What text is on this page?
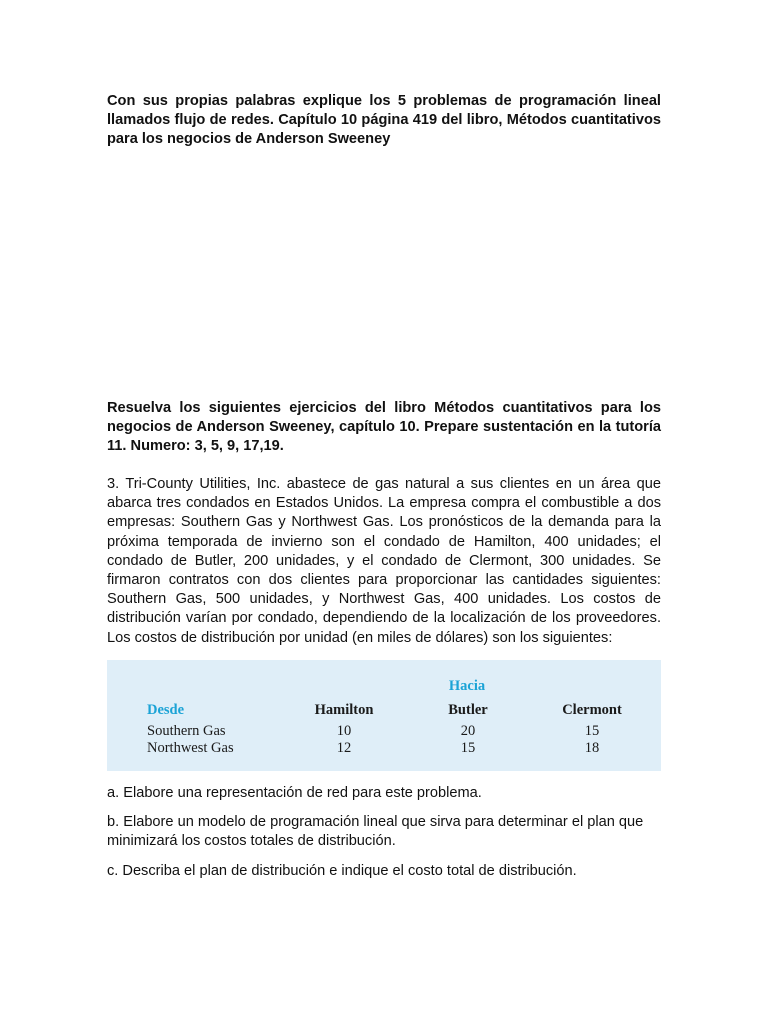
Con sus propias palabras explique los 5 problemas de programación lineal llamados flujo de redes. Capítulo 10 página 419 del libro, Métodos cuantitativos para los negocios de Anderson Sweeney

Resuelva los siguientes ejercicios del libro Métodos cuantitativos para los negocios de Anderson Sweeney, capítulo 10. Prepare sustentación en la tutoría 11. Numero: 3, 5, 9, 17,19.

3. Tri-County Utilities, Inc. abastece de gas natural a sus clientes en un área que abarca tres condados en Estados Unidos. La empresa compra el combustible a dos empresas: Southern Gas y Northwest Gas. Los pronósticos de la demanda para la próxima temporada de invierno son el condado de Hamilton, 400 unidades; el condado de Butler, 200 unidades, y el condado de Clermont, 300 unidades. Se firmaron contratos con dos clientes para proporcionar las cantidades siguientes: Southern Gas, 500 unidades, y Northwest Gas, 400 unidades. Los costos de distribución varían por condado, dependiendo de la localización de los proveedores. Los costos de distribución por unidad (en miles de dólares) son los siguientes:

Hacia
Desde	Hamilton	Butler	Clermont
Southern Gas	10	20	15
Northwest Gas	12	15	18

a. Elabore una representación de red para este problema.

b. Elabore un modelo de programación lineal que sirva para determinar el plan que minimizará los costos totales de distribución.

c. Describa el plan de distribución e indique el costo total de distribución.
